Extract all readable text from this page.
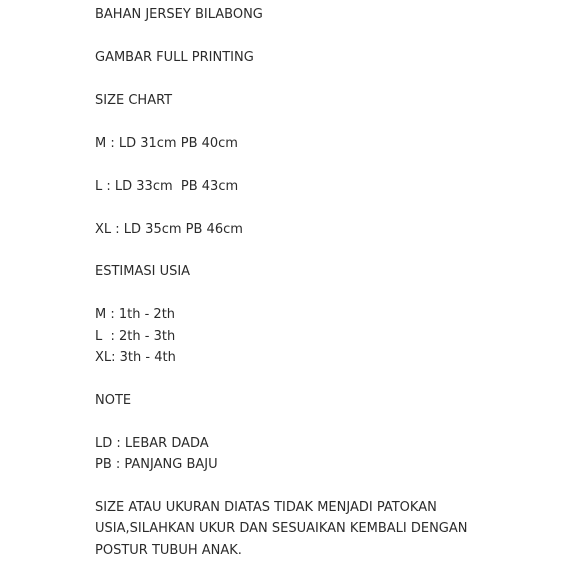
BAHAN JERSEY BILABONG
GAMBAR FULL PRINTING
SIZE CHART
M : LD 31cm PB 40cm
L : LD 33cm  PB 43cm
XL : LD 35cm PB 46cm
ESTIMASI USIA
M : 1th - 2th
L  : 2th - 3th
XL: 3th - 4th
NOTE
LD : LEBAR DADA
PB : PANJANG BAJU
SIZE ATAU UKURAN DIATAS TIDAK MENJADI PATOKAN
USIA,SILAHKAN UKUR DAN SESUAIKAN KEMBALI DENGAN
POSTUR TUBUH ANAK.
